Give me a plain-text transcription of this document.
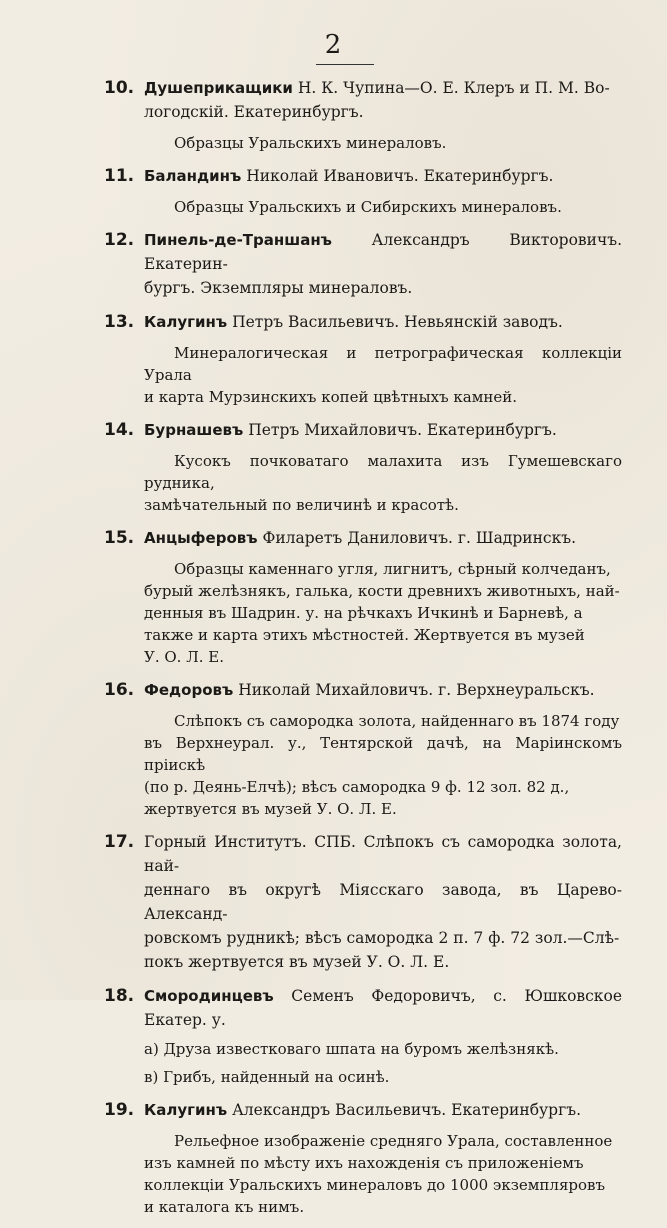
2
10. Душеприкащики Н. К. Чупина—О. Е. Клеръ и П. М. Во-
логодскій. Екатеринбургъ.

Образцы Уральскихъ минераловъ.

11. Баландинъ Николай Ивановичъ. Екатеринбургъ.

Образцы Уральскихъ и Сибирскихъ минераловъ.

12. Пинель-де-Траншанъ Александръ Викторовичъ. Екатерин-
бургъ. Экземпляры минераловъ.
13. Калугинъ Петръ Васильевичъ. Невьянскій заводъ.

Минералогическая и петрографическая коллекціи Урала

и карта Мурзинскихъ копей цвѣтныхъ камней.

14. Бурнашевъ Петръ Михайловичъ. Екатеринбургъ.

Кусокъ почковатаго малахита изъ Гумешевскаго рудника,

замѣчательный по величинѣ и красотѣ.

15. Анцыферовъ Филаретъ Даниловичъ. г. Шадринскъ.

Образцы каменнаго угля, лигнитъ, сѣрный колчеданъ,

бурый желѣзнякъ, галька, кости древнихъ животныхъ, най-

денныя въ Шадрин. у. на рѣчкахъ Ичкинѣ и Барневѣ, а

также и карта этихъ мѣстностей. Жертвуется въ музей

У. О. Л. Е.

16. Федоровъ Николай Михайловичъ. г. Верхнеуральскъ.

Слѣпокъ съ самородка золота, найденнаго въ 1874 году

въ Верхнеурал. у., Тентярской дачѣ, на Маріинскомъ пріискѣ

(по р. Деянь-Елчѣ); вѣсъ самородка 9 ф. 12 зол. 82 д.,

жертвуется въ музей У. О. Л. Е.

17. Горный Институтъ. СПБ. Слѣпокъ съ самородка золота, най-
деннаго въ округѣ Міясскаго завода, въ Царево-Александ-
ровскомъ рудникѣ; вѣсъ самородка 2 п. 7 ф. 72 зол.—Слѣ-
покъ жертвуется въ музей У. О. Л. Е.
18. Смородинцевъ Семенъ Федоровичъ, с. Юшковское Екатер. у.
а) Друза известковаго шпата на буромъ желѣзнякѣ.
в) Грибъ, найденный на осинѣ.
19. Калугинъ Александръ Васильевичъ. Екатеринбургъ.

Рельефное изображеніе средняго Урала, составленное

изъ камней по мѣсту ихъ нахожденія съ приложеніемъ

коллекціи Уральскихъ минераловъ до 1000 экземпляровъ

и каталога къ нимъ.
